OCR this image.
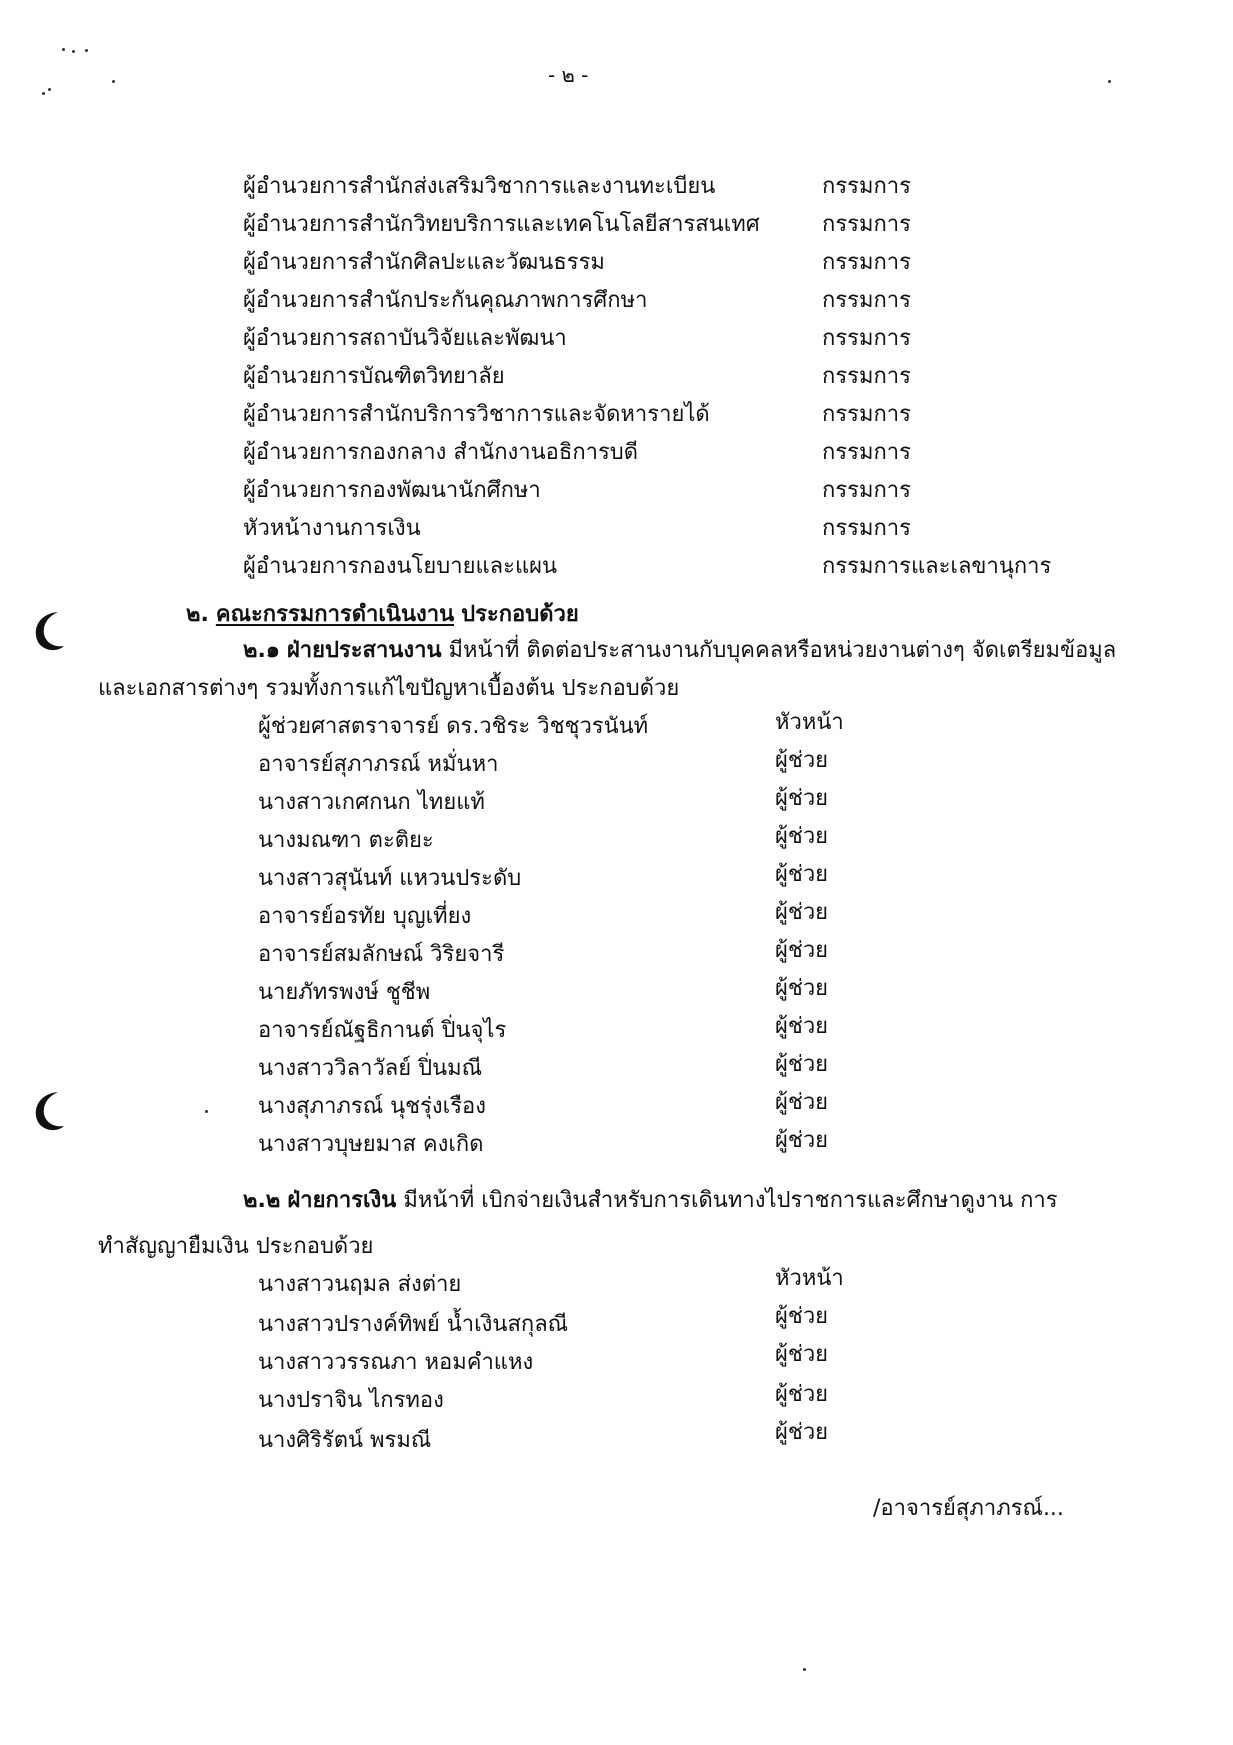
- ๒ -
ผู้อำนวยการสำนักส่งเสริมวิชาการและงานทะเบียน	กรรมการ
ผู้อำนวยการสำนักวิทยบริการและเทคโนโลยีสารสนเทศ	กรรมการ
ผู้อำนวยการสำนักศิลปะและวัฒนธรรม	กรรมการ
ผู้อำนวยการสำนักประกันคุณภาพการศึกษา	กรรมการ
ผู้อำนวยการสถาบันวิจัยและพัฒนา	กรรมการ
ผู้อำนวยการบัณฑิตวิทยาลัย	กรรมการ
ผู้อำนวยการสำนักบริการวิชาการและจัดหารายได้	กรรมการ
ผู้อำนวยการกองกลาง สำนักงานอธิการบดี	กรรมการ
ผู้อำนวยการกองพัฒนานักศึกษา	กรรมการ
หัวหน้างานการเงิน	กรรมการ
ผู้อำนวยการกองนโยบายและแผน	กรรมการและเลขานุการ
๒. คณะกรรมการดำเนินงาน ประกอบด้วย
๒.๑ ฝ่ายประสานงาน มีหน้าที่ ติดต่อประสานงานกับบุคคลหรือหน่วยงานต่างๆ จัดเตรียมข้อมูล
และเอกสารต่างๆ รวมทั้งการแก้ไขปัญหาเบื้องต้น ประกอบด้วย
ผู้ช่วยศาสตราจารย์ ดร.วชิระ วิชชุวรนันท์	หัวหน้า
อาจารย์สุภาภรณ์ หมั่นหา	ผู้ช่วย
นางสาวเกศกนก ไทยแท้	ผู้ช่วย
นางมณฑา ตะติยะ	ผู้ช่วย
นางสาวสุนันท์ แหวนประดับ	ผู้ช่วย
อาจารย์อรทัย บุญเที่ยง	ผู้ช่วย
อาจารย์สมลักษณ์ วิริยจารี	ผู้ช่วย
นายภัทรพงษ์ ชูชีพ	ผู้ช่วย
อาจารย์ณัฐธิกานต์ ปิ่นจุไร	ผู้ช่วย
นางสาววิลาวัลย์ ปิ่นมณี	ผู้ช่วย
นางสุภาภรณ์ นุชรุ่งเรือง	ผู้ช่วย
นางสาวบุษยมาส คงเกิด	ผู้ช่วย
๒.๒ ฝ่ายการเงิน มีหน้าที่ เบิกจ่ายเงินสำหรับการเดินทางไปราชการและศึกษาดูงาน การ
ทำสัญญายืมเงิน ประกอบด้วย
นางสาวนฤมล ส่งต่าย	หัวหน้า
นางสาวปรางค์ทิพย์ น้ำเงินสกุลณี	ผู้ช่วย
นางสาววรรณภา หอมคำแหง	ผู้ช่วย
นางปราจิน ไกรทอง	ผู้ช่วย
นางศิริรัตน์ พรมณี	ผู้ช่วย
/อาจารย์สุภาภรณ์...
